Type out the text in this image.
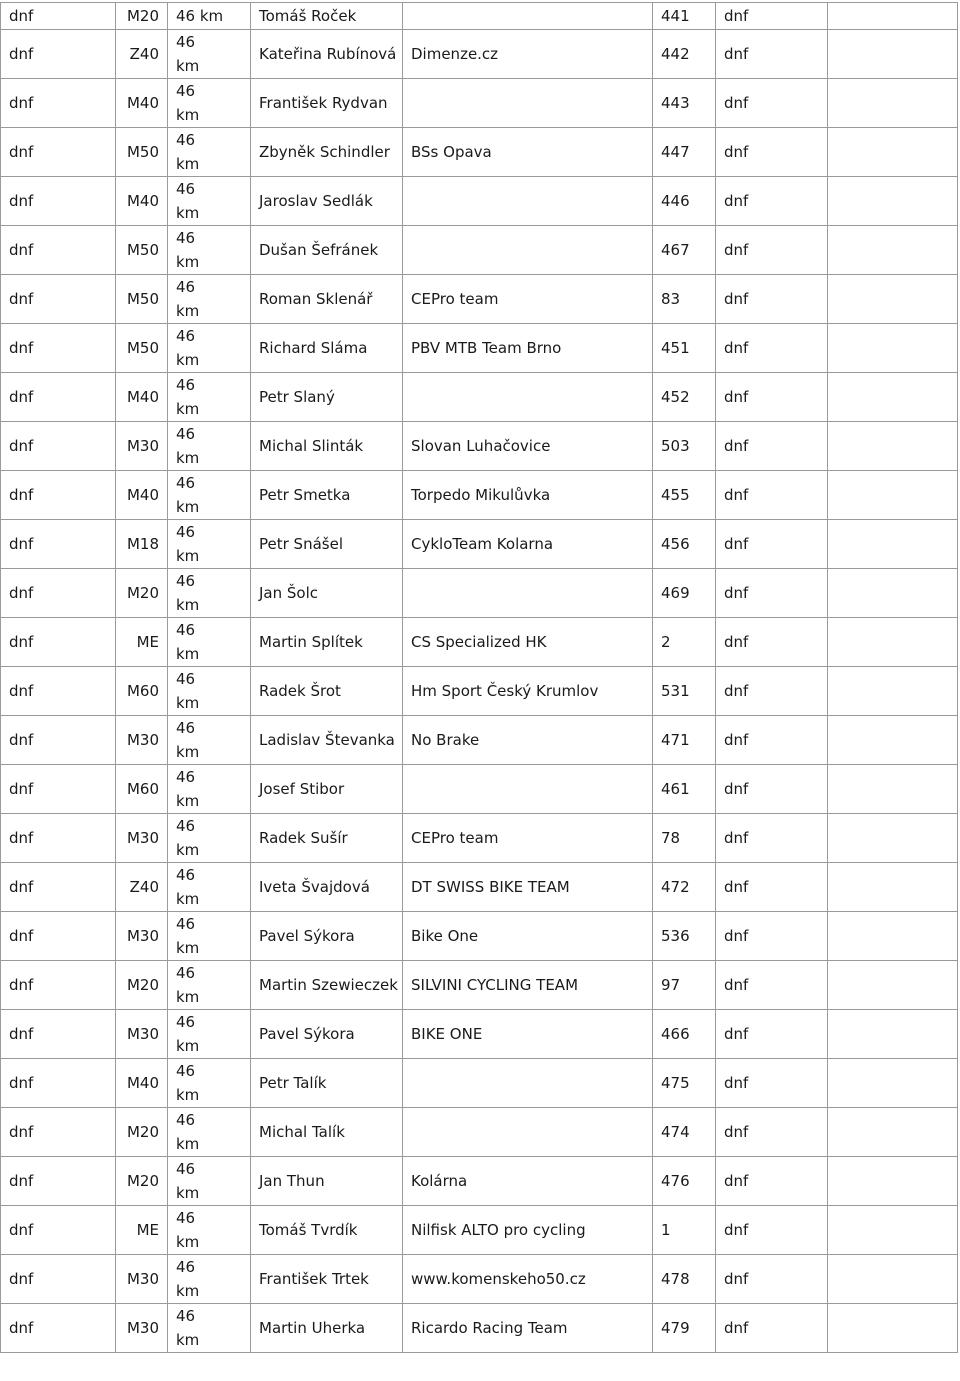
dnf	M20	46 km	Tomáš Roček		441	dnf	
dnf	Z40	46 km	Kateřina Rubínová	Dimenze.cz	442	dnf	
dnf	M40	46 km	František Rydvan		443	dnf	
dnf	M50	46 km	Zbyněk Schindler	BSs Opava	447	dnf	
dnf	M40	46 km	Jaroslav Sedlák		446	dnf	
dnf	M50	46 km	Dušan Šefránek		467	dnf	
dnf	M50	46 km	Roman Sklenář	CEPro team	83	dnf	
dnf	M50	46 km	Richard Sláma	PBV MTB Team Brno	451	dnf	
dnf	M40	46 km	Petr Slaný		452	dnf	
dnf	M30	46 km	Michal Slinták	Slovan Luhačovice	503	dnf	
dnf	M40	46 km	Petr Smetka	Torpedo Mikulůvka	455	dnf	
dnf	M18	46 km	Petr Snášel	CykloTeam Kolarna	456	dnf	
dnf	M20	46 km	Jan Šolc		469	dnf	
dnf	ME	46 km	Martin Splítek	CS Specialized HK	2	dnf	
dnf	M60	46 km	Radek Šrot	Hm Sport Český Krumlov	531	dnf	
dnf	M30	46 km	Ladislav Števanka	No Brake	471	dnf	
dnf	M60	46 km	Josef Stibor		461	dnf	
dnf	M30	46 km	Radek Sušír	CEPro team	78	dnf	
dnf	Z40	46 km	Iveta Švajdová	DT SWISS BIKE TEAM	472	dnf	
dnf	M30	46 km	Pavel Sýkora	Bike One	536	dnf	
dnf	M20	46 km	Martin Szewieczek	SILVINI CYCLING TEAM	97	dnf	
dnf	M30	46 km	Pavel Sýkora	BIKE ONE	466	dnf	
dnf	M40	46 km	Petr Talík		475	dnf	
dnf	M20	46 km	Michal Talík		474	dnf	
dnf	M20	46 km	Jan Thun	Kolárna	476	dnf	
dnf	ME	46 km	Tomáš Tvrdík	Nilfisk ALTO pro cycling	1	dnf	
dnf	M30	46 km	František Trtek	www.komenskeho50.cz	478	dnf	
dnf	M30	46 km	Martin Uherka	Ricardo Racing Team	479	dnf	
